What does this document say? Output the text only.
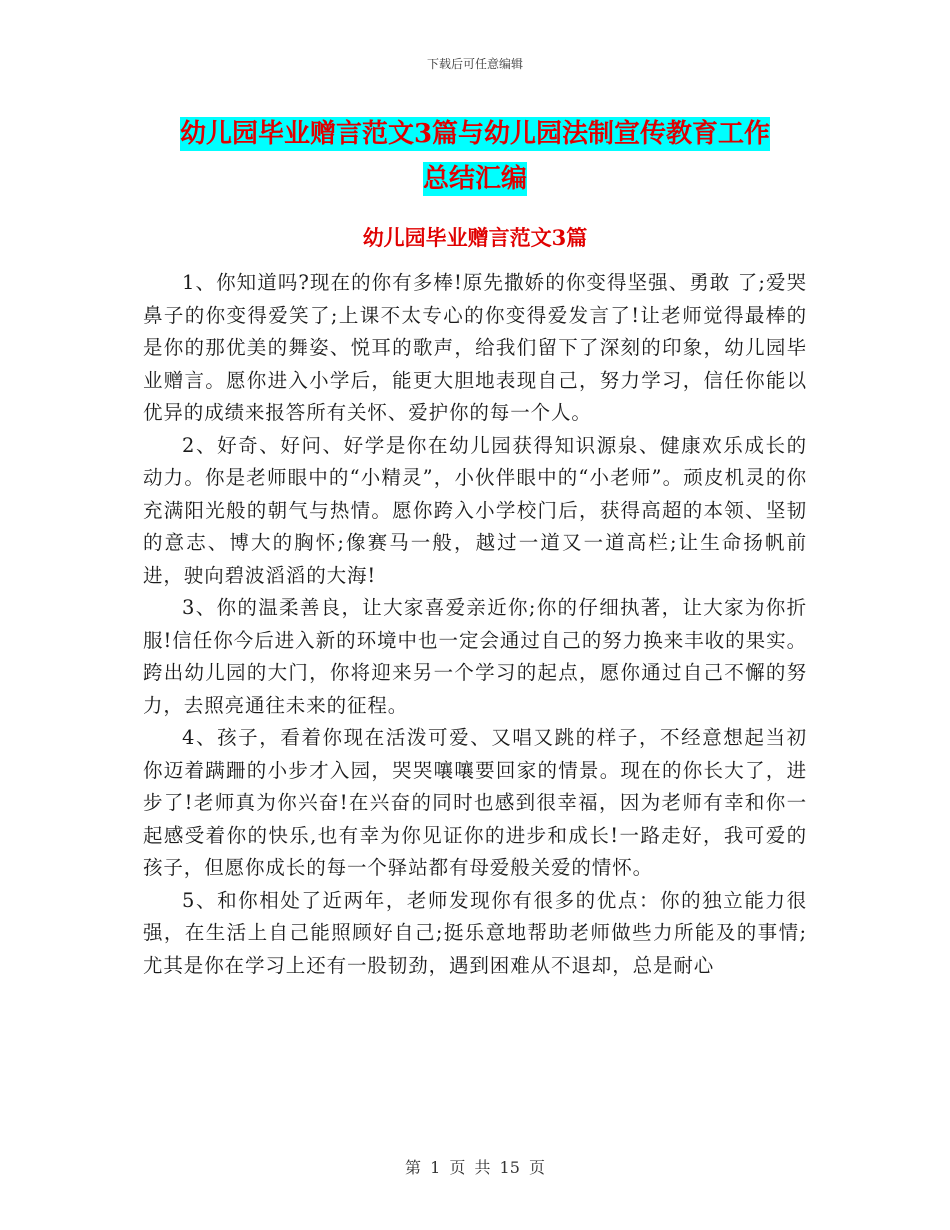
下载后可任意编辑
幼儿园毕业赠言范文3篇与幼儿园法制宣传教育工作
总结汇编
幼儿园毕业赠言范文3篇

1、你知道吗?现在的你有多棒!原先撒娇的你变得坚强、勇敢 了;爱哭鼻子的你变得爱笑了;上课不太专心的你变得爱发言了!让老师觉得最棒的是你的那优美的舞姿、悦耳的歌声，给我们留下了深刻的印象，幼儿园毕业赠言。愿你进入小学后，能更大胆地表现自己，努力学习，信任你能以优异的成绩来报答所有关怀、爱护你的每一个人。

2、好奇、好问、好学是你在幼儿园获得知识源泉、健康欢乐成长的动力。你是老师眼中的“小精灵”，小伙伴眼中的“小老师”。顽皮机灵的你充满阳光般的朝气与热情。愿你跨入小学校门后，获得高超的本领、坚韧的意志、博大的胸怀;像赛马一般，越过一道又一道高栏;让生命扬帆前进，驶向碧波滔滔的大海!

3、你的温柔善良，让大家喜爱亲近你;你的仔细执著，让大家为你折服!信任你今后进入新的环境中也一定会通过自己的努力换来丰收的果实。跨出幼儿园的大门，你将迎来另一个学习的起点，愿你通过自己不懈的努力，去照亮通往未来的征程。

4、孩子，看着你现在活泼可爱、又唱又跳的样子，不经意想起当初你迈着蹒跚的小步才入园，哭哭嚷嚷要回家的情景。现在的你长大了，进步了!老师真为你兴奋!在兴奋的同时也感到很幸福，因为老师有幸和你一起感受着你的快乐,也有幸为你见证你的进步和成长!一路走好，我可爱的孩子，但愿你成长的每一个驿站都有母爱般关爱的情怀。

5、和你相处了近两年，老师发现你有很多的优点：你的独立能力很强，在生活上自己能照顾好自己;挺乐意地帮助老师做些力所能及的事情;尤其是你在学习上还有一股韧劲，遇到困难从不退却，总是耐心

第 1 页 共 15 页
